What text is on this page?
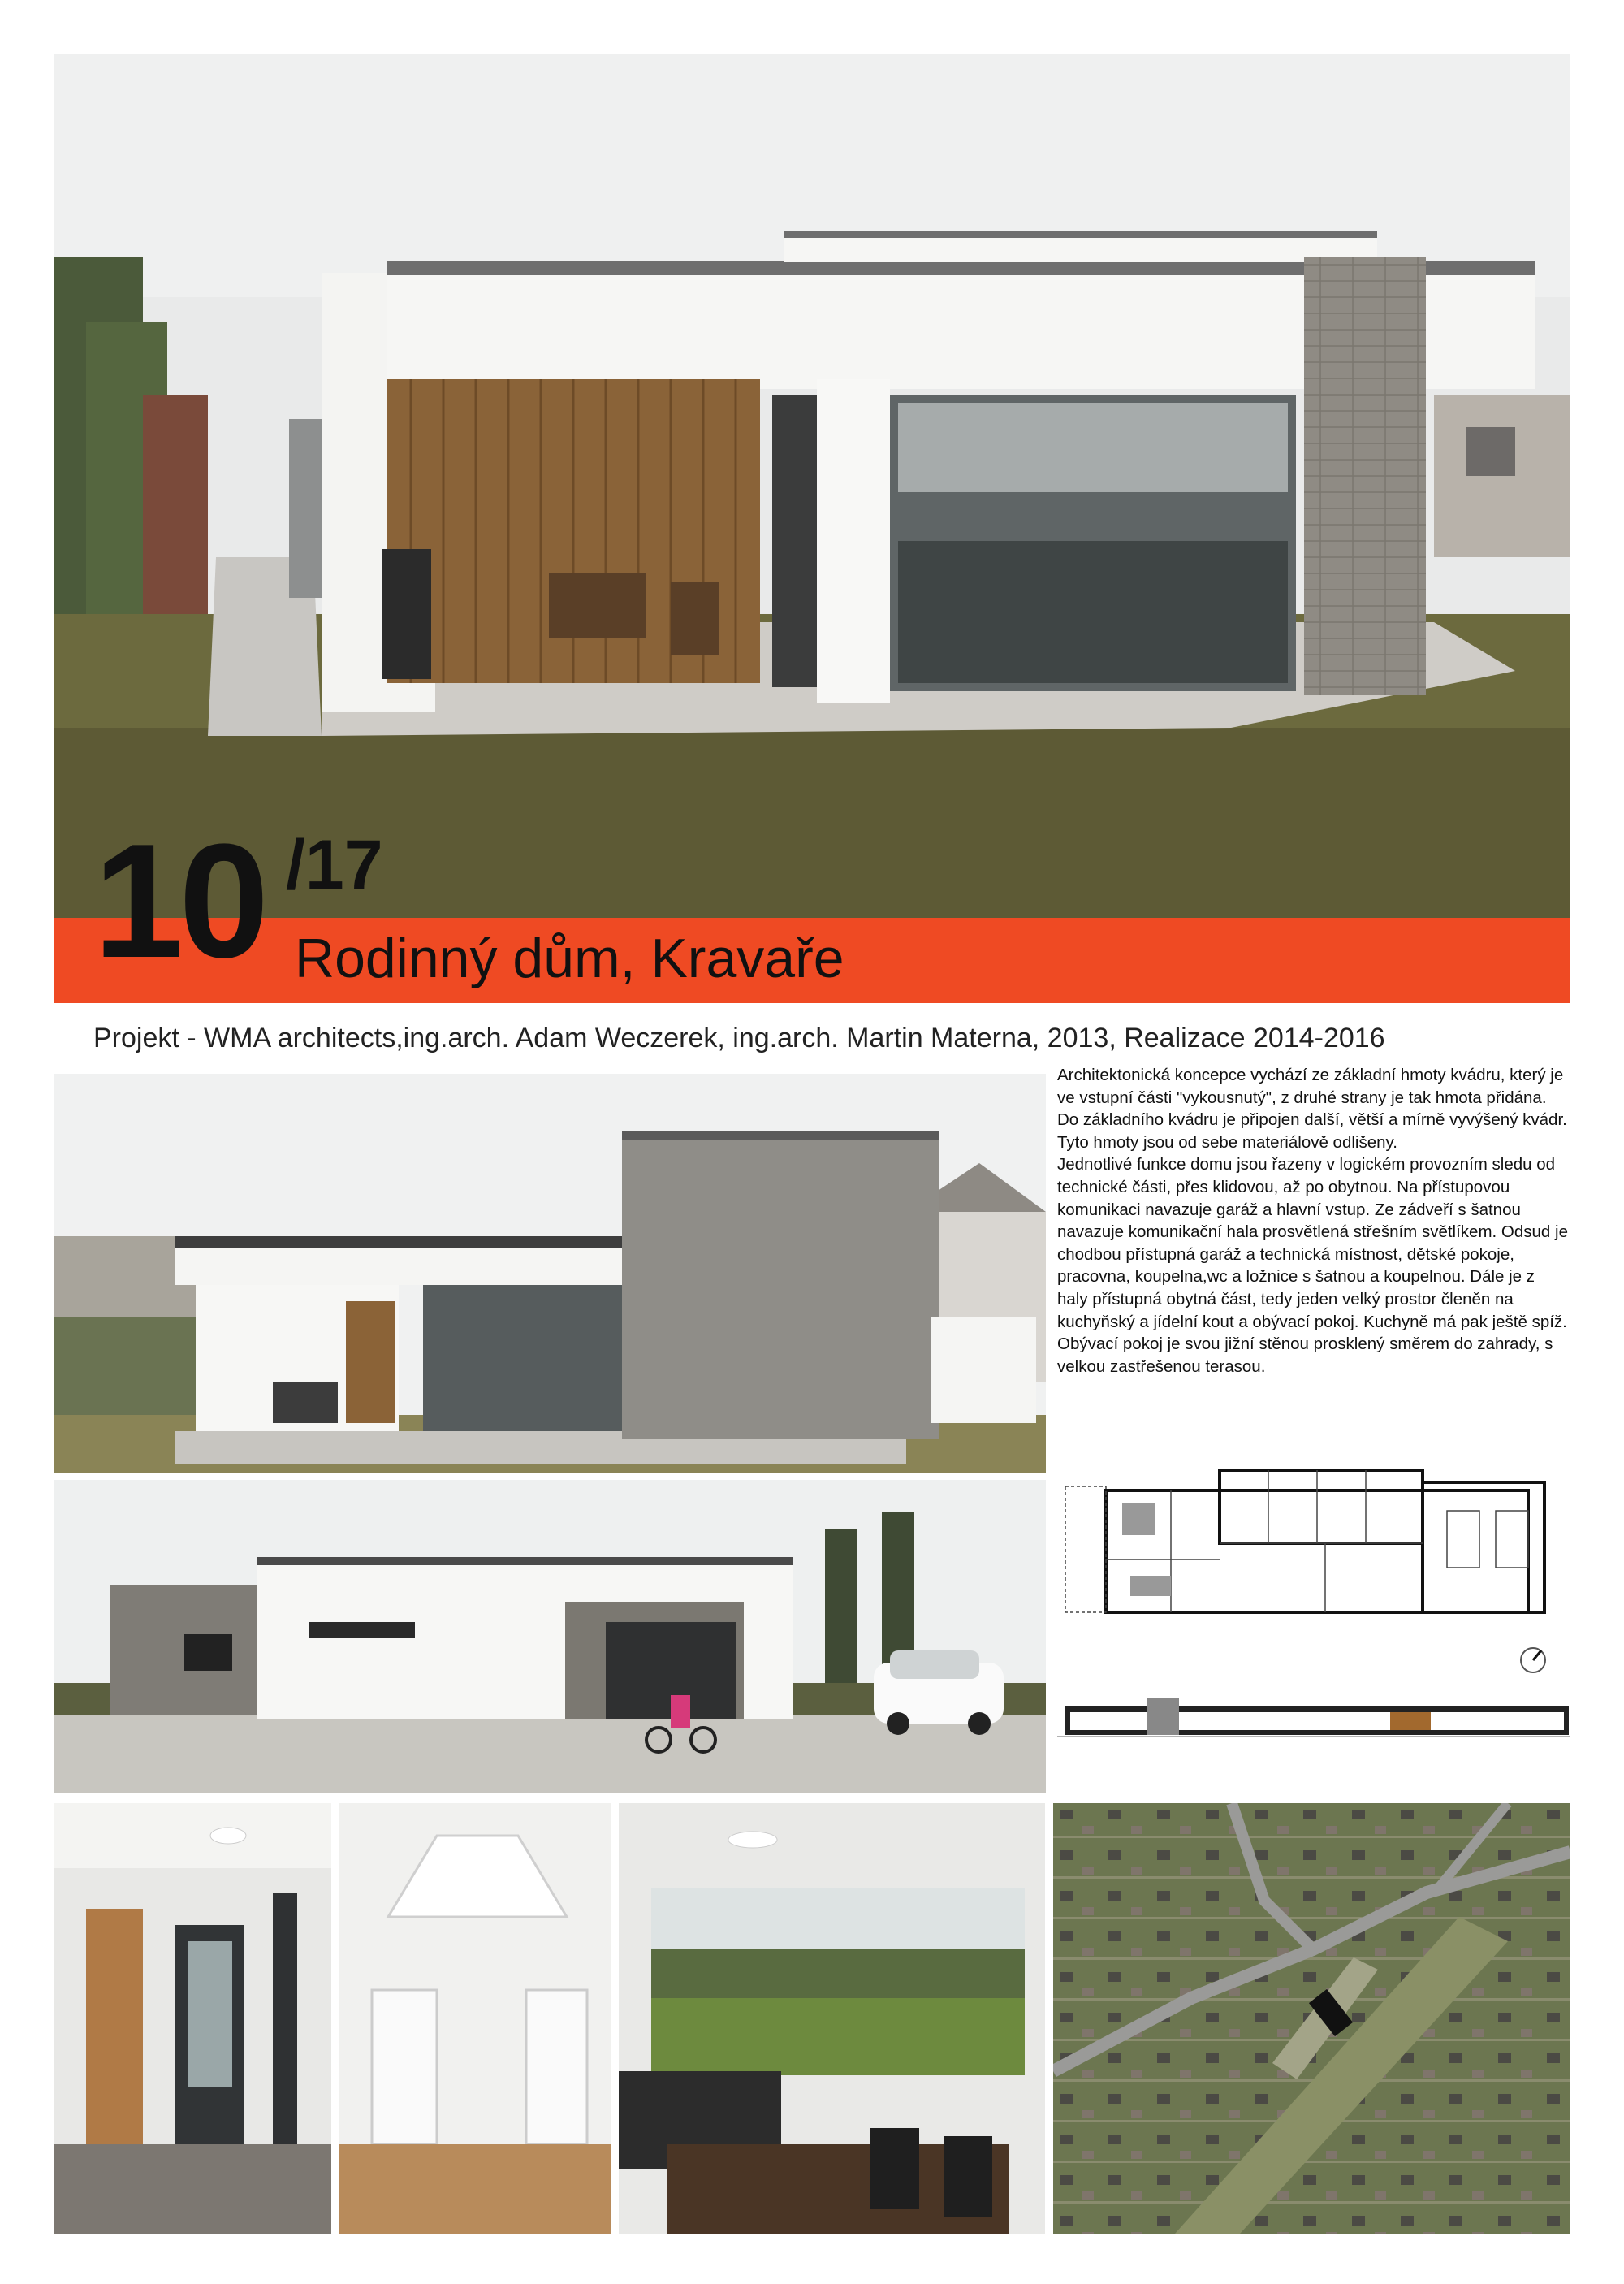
10 /17
Rodinný dům, Kravaře
Projekt - WMA architects,ing.arch. Adam Weczerek, ing.arch. Martin Materna, 2013, Realizace 2014-2016

Architektonická koncepce vychází ze základní hmoty kvádru, který je ve vstupní části "vykousnutý", z druhé strany je tak hmota přidána. Do základního kvádru je připojen další, větší a mírně vyvýšený kvádr. Tyto hmoty jsou od sebe materiálově odlišeny.

Jednotlivé funkce domu jsou řazeny v logickém provozním sledu od technické části, přes klidovou, až po obytnou. Na přístupovou komunikaci navazuje garáž a hlavní vstup. Ze zádveří s šatnou navazuje komunikační hala prosvětlená střešním světlíkem. Odsud je chodbou přístupná garáž a technická místnost, dětské pokoje, pracovna, koupelna,wc a ložnice s šatnou a koupelnou. Dále je z haly přístupná obytná část, tedy jeden velký prostor členěn na kuchyňský a jídelní kout a obývací pokoj. Kuchyně má pak ještě spíž. Obývací pokoj je svou jižní stěnou prosklený směrem do zahrady, s velkou zastřešenou terasou.
